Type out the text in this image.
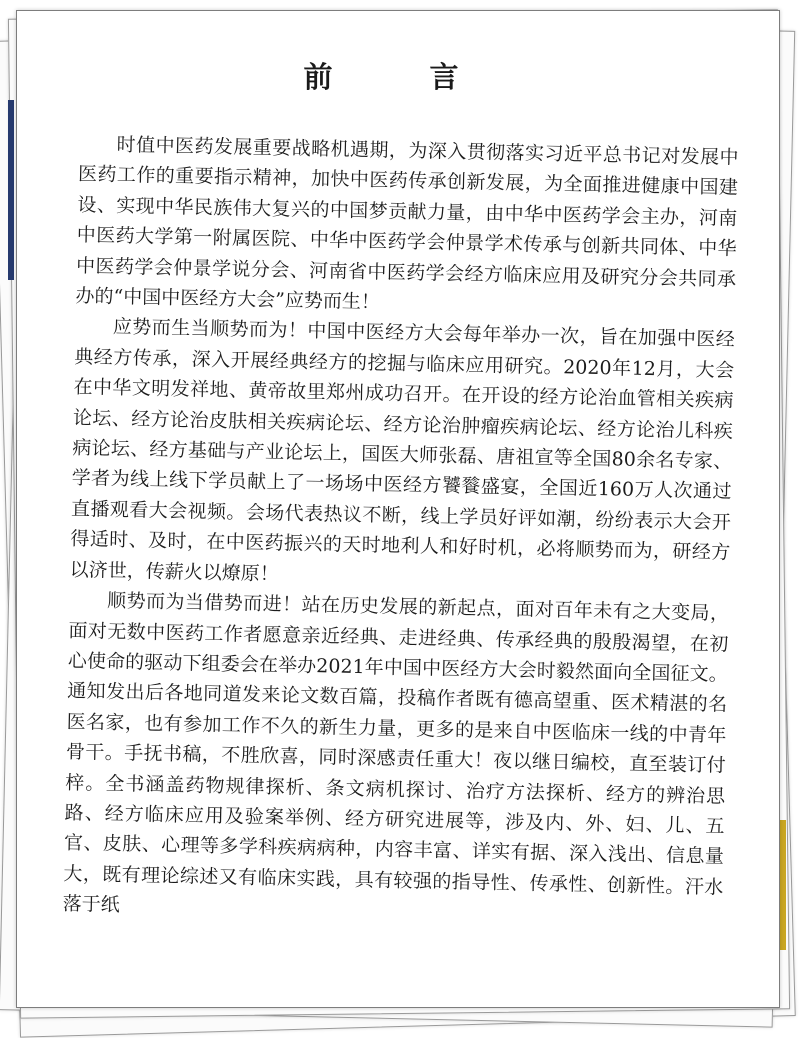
前　言

时值中医药发展重要战略机遇期，为深入贯彻落实习近平总书记对发展中医药工作的重要指示精神，加快中医药传承创新发展，为全面推进健康中国建设、实现中华民族伟大复兴的中国梦贡献力量，由中华中医药学会主办，河南中医药大学第一附属医院、中华中医药学会仲景学术传承与创新共同体、中华中医药学会仲景学说分会、河南省中医药学会经方临床应用及研究分会共同承办的“中国中医经方大会”应势而生！

应势而生当顺势而为！中国中医经方大会每年举办一次，旨在加强中医经典经方传承，深入开展经典经方的挖掘与临床应用研究。2020年12月，大会在中华文明发祥地、黄帝故里郑州成功召开。在开设的经方论治血管相关疾病论坛、经方论治皮肤相关疾病论坛、经方论治肿瘤疾病论坛、经方论治儿科疾病论坛、经方基础与产业论坛上，国医大师张磊、唐祖宣等全国80余名专家、学者为线上线下学员献上了一场场中医经方饕餮盛宴，全国近160万人次通过直播观看大会视频。会场代表热议不断，线上学员好评如潮，纷纷表示大会开得适时、及时，在中医药振兴的天时地利人和好时机，必将顺势而为，研经方以济世，传薪火以燎原！

顺势而为当借势而进！站在历史发展的新起点，面对百年未有之大变局，面对无数中医药工作者愿意亲近经典、走进经典、传承经典的殷殷渴望，在初心使命的驱动下组委会在举办2021年中国中医经方大会时毅然面向全国征文。通知发出后各地同道发来论文数百篇，投稿作者既有德高望重、医术精湛的名医名家，也有参加工作不久的新生力量，更多的是来自中医临床一线的中青年骨干。手抚书稿，不胜欣喜，同时深感责任重大！夜以继日编校，直至装订付梓。全书涵盖药物规律探析、条文病机探讨、治疗方法探析、经方的辨治思路、经方临床应用及验案举例、经方研究进展等，涉及内、外、妇、儿、五官、皮肤、心理等多学科疾病病种，内容丰富、详实有据、深入浅出、信息量大，既有理论综述又有临床实践，具有较强的指导性、传承性、创新性。汗水落于纸
